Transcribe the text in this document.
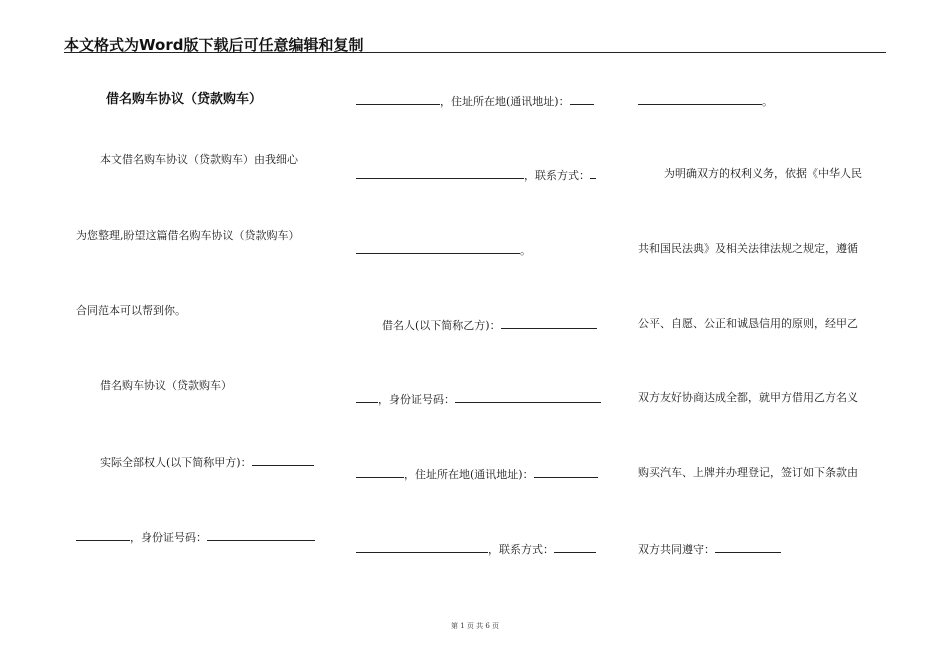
本文格式为Word版下载后可任意编辑和复制
借名购车协议（贷款购车）
本文借名购车协议（贷款购车）由我细心
为您整理,盼望这篇借名购车协议（贷款购车）
合同范本可以帮到你。
借名购车协议（贷款购车）
实际全部权人(以下简称甲方)：
，身份证号码：
，住址所在地(通讯地址)：
，联系方式：
。
借名人(以下简称乙方)：
，身份证号码：
，住址所在地(通讯地址)：
，联系方式：
。
为明确双方的权利义务，依据《中华人民
共和国民法典》及相关法律法规之规定，遵循
公平、自愿、公正和诚恳信用的原则，经甲乙
双方友好协商达成全都，就甲方借用乙方名义
购买汽车、上牌并办理登记，签订如下条款由
双方共同遵守：
第 1 页 共 6 页
